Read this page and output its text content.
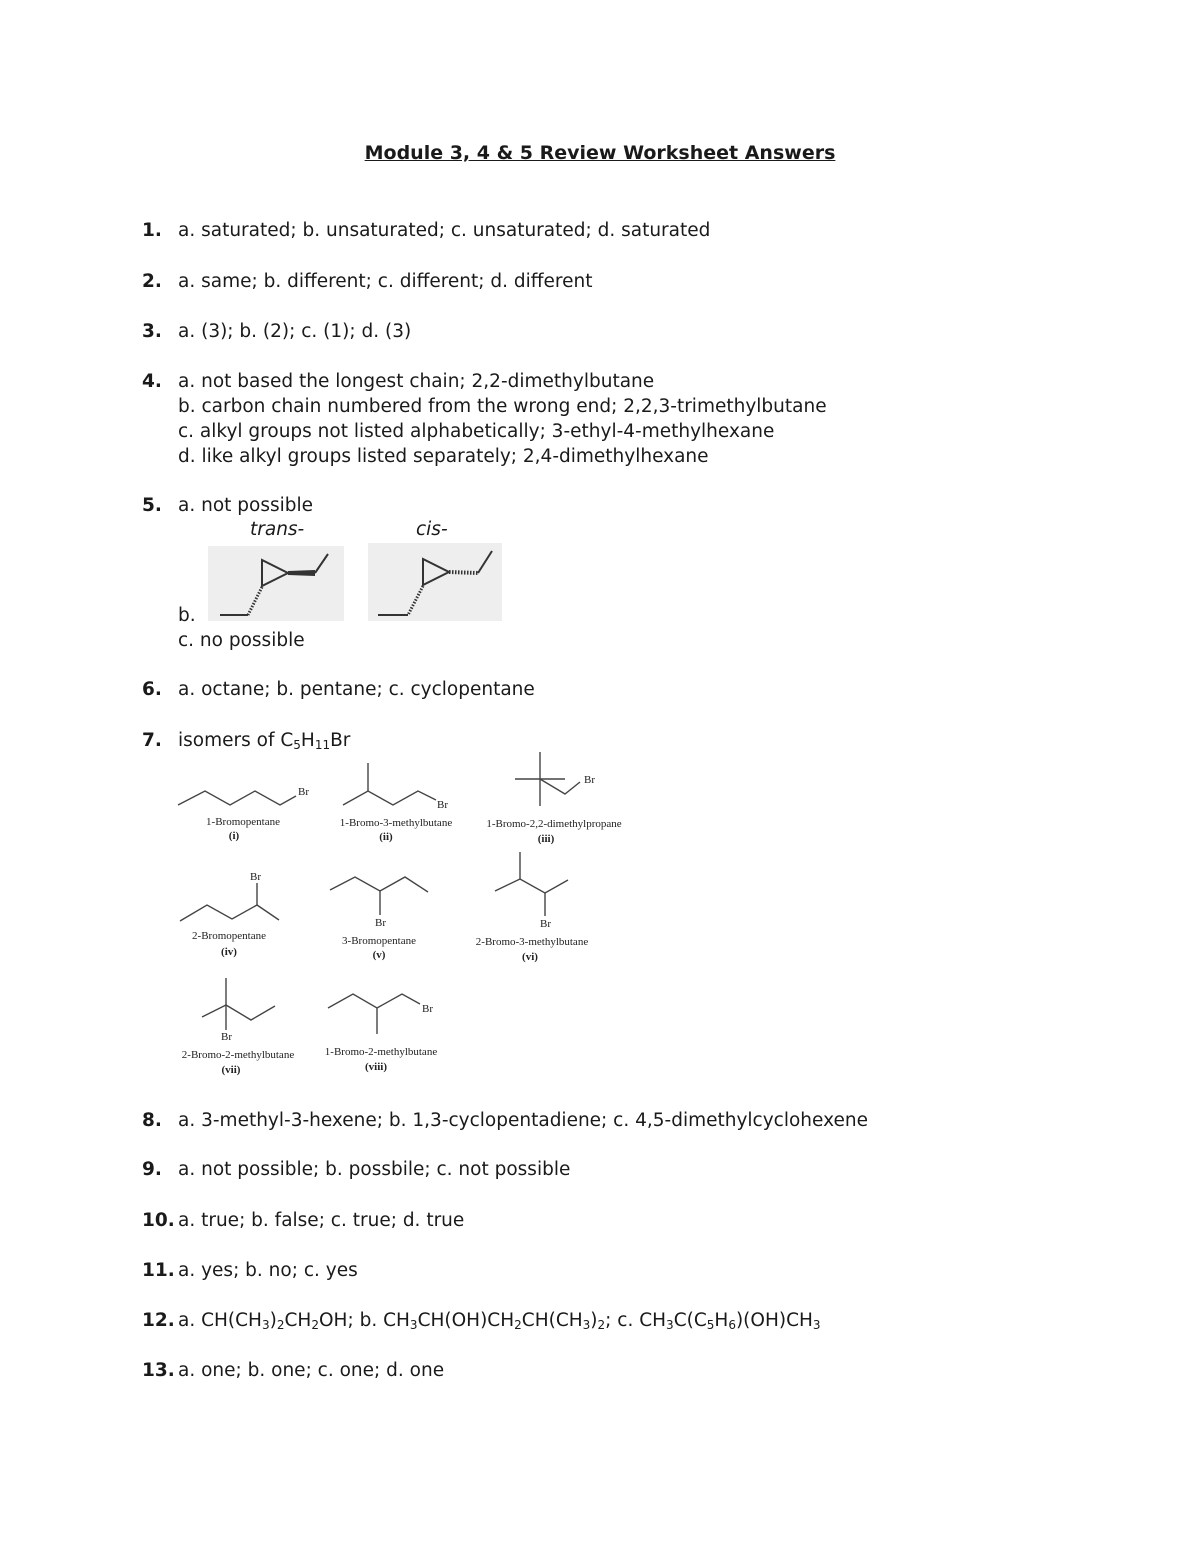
Module 3, 4 & 5 Review Worksheet Answers
1. a. saturated; b. unsaturated; c. unsaturated; d. saturated
2. a. same; b. different; c. different; d. different
3. a. (3); b. (2); c. (1); d. (3)
4. a. not based the longest chain; 2,2-dimethylbutane
b. carbon chain numbered from the wrong end; 2,2,3-trimethylbutane
c. alkyl groups not listed alphabetically; 3-ethyl-4-methylhexane
d. like alkyl groups listed separately; 2,4-dimethylhexane
5. a. not possible
trans-	cis-
b.
c. no possible
6. a. octane; b. pentane; c. cyclopentane
7. isomers of $C_5H_{11}Br$
Br
Br
Br
Br
Br	Br
Br
Br
1-Bromopentane
(i)
1-Bromo-3-methylbutane
(ii)
1-Bromo-2,2-dimethylpropane
(iii)
2-Bromopentane
(iv)
3-Bromopentane
(v)
2-Bromo-3-methylbutane
(vi)
2-Bromo-2-methylbutane
(vii)
1-Bromo-2-methylbutane
(viii)
8. a. 3-methyl-3-hexene; b. 1,3-cyclopentadiene; c. 4,5-dimethylcyclohexene
9. a. not possible; b. possbile; c. not possible
10. a. true; b. false; c. true; d. true
11. a. yes; b. no; c. yes
12. a. $CH(CH_3)_2CH_2OH$; b. $CH_3CH(OH)CH_2CH(CH_3)_2$; c. $CH_3C(C_5H_6)(OH)CH_3$
13. a. one; b. one; c. one; d. one
